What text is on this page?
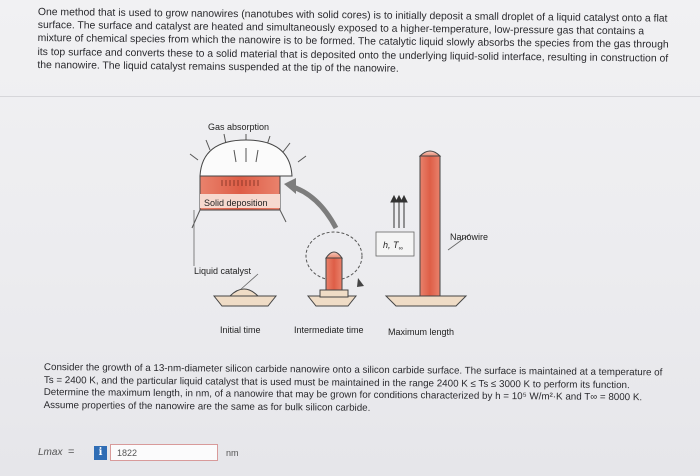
One method that is used to grow nanowires (nanotubes with solid cores) is to initially deposit a small droplet of a liquid catalyst onto a flat surface. The surface and catalyst are heated and simultaneously exposed to a higher-temperature, low-pressure gas that contains a mixture of chemical species from which the nanowire is to be formed. The catalytic liquid slowly absorbs the species from the gas through its top surface and converts these to a solid material that is deposited onto the underlying liquid-solid interface, resulting in construction of the nanowire. The liquid catalyst remains suspended at the tip of the nanowire.

Gas absorption
Solid deposition
Liquid catalyst
Initial time	Intermediate time
h, $T_\infty$
Nanowire
Maximum length

Consider the growth of a 13-nm-diameter silicon carbide nanowire onto a silicon carbide surface. The surface is maintained at a temperature of Ts = 2400 K, and the particular liquid catalyst that is used must be maintained in the range 2400 K ≤ Ts ≤ 3000 K to perform its function. Determine the maximum length, in nm, of a nanowire that may be grown for conditions characterized by h = 10⁵ W/m²·K and T∞ = 8000 K. Assume properties of the nanowire are the same as for bulk silicon carbide.

Lmax =	i
1822	nm
